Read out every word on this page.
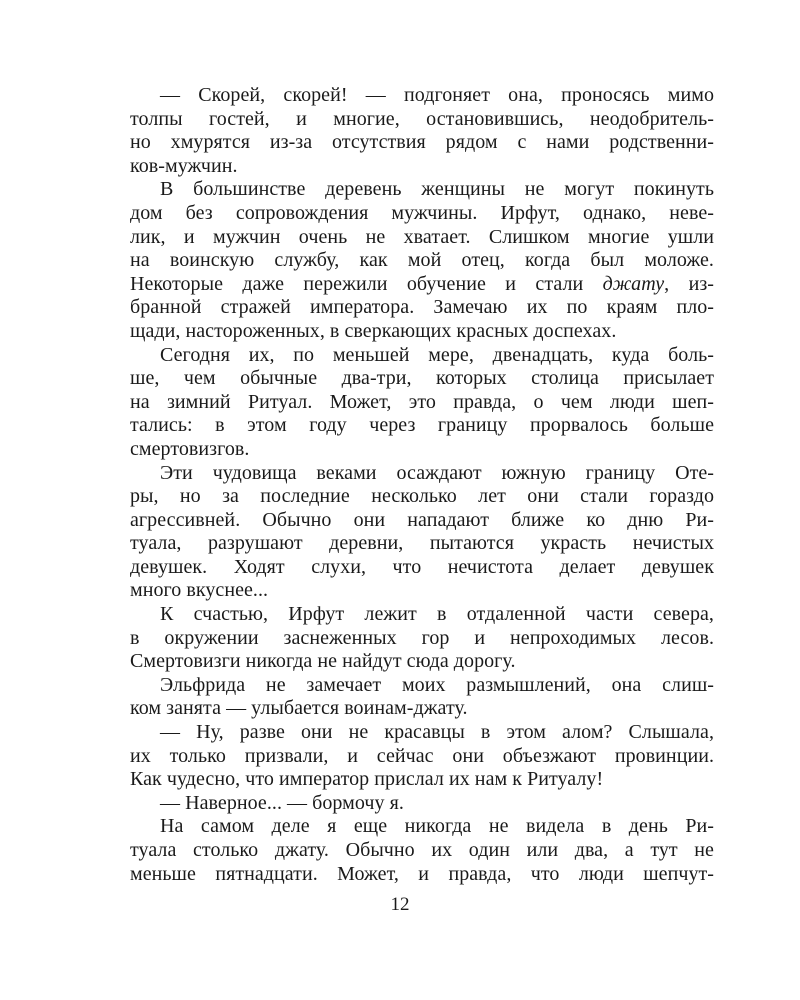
— Скорей, скорей! — подгоняет она, проносясь мимо
толпы гостей, и многие, остановившись, неодобритель-
но хмурятся из-за отсутствия рядом с нами родственни-
ков-мужчин.
В большинстве деревень женщины не могут покинуть
дом без сопровождения мужчины. Ирфут, однако, неве-
лик, и мужчин очень не хватает. Слишком многие ушли
на воинскую службу, как мой отец, когда был моложе.
Некоторые даже пережили обучение и стали джату, из-
бранной стражей императора. Замечаю их по краям пло-
щади, настороженных, в сверкающих красных доспехах.
Сегодня их, по меньшей мере, двенадцать, куда боль-
ше, чем обычные два-три, которых столица присылает
на зимний Ритуал. Может, это правда, о чем люди шеп-
тались: в этом году через границу прорвалось больше
смертовизгов.
Эти чудовища веками осаждают южную границу Оте-
ры, но за последние несколько лет они стали гораздо
агрессивней. Обычно они нападают ближе ко дню Ри-
туала, разрушают деревни, пытаются украсть нечистых
девушек. Ходят слухи, что нечистота делает девушек
много вкуснее...
К счастью, Ирфут лежит в отдаленной части севера,
в окружении заснеженных гор и непроходимых лесов.
Смертовизги никогда не найдут сюда дорогу.
Эльфрида не замечает моих размышлений, она слиш-
ком занята — улыбается воинам-джату.
— Ну, разве они не красавцы в этом алом? Слышала,
их только призвали, и сейчас они объезжают провинции.
Как чудесно, что император прислал их нам к Ритуалу!
— Наверное... — бормочу я.
На самом деле я еще никогда не видела в день Ри-
туала столько джату. Обычно их один или два, а тут не
меньше пятнадцати. Может, и правда, что люди шепчут-
12
